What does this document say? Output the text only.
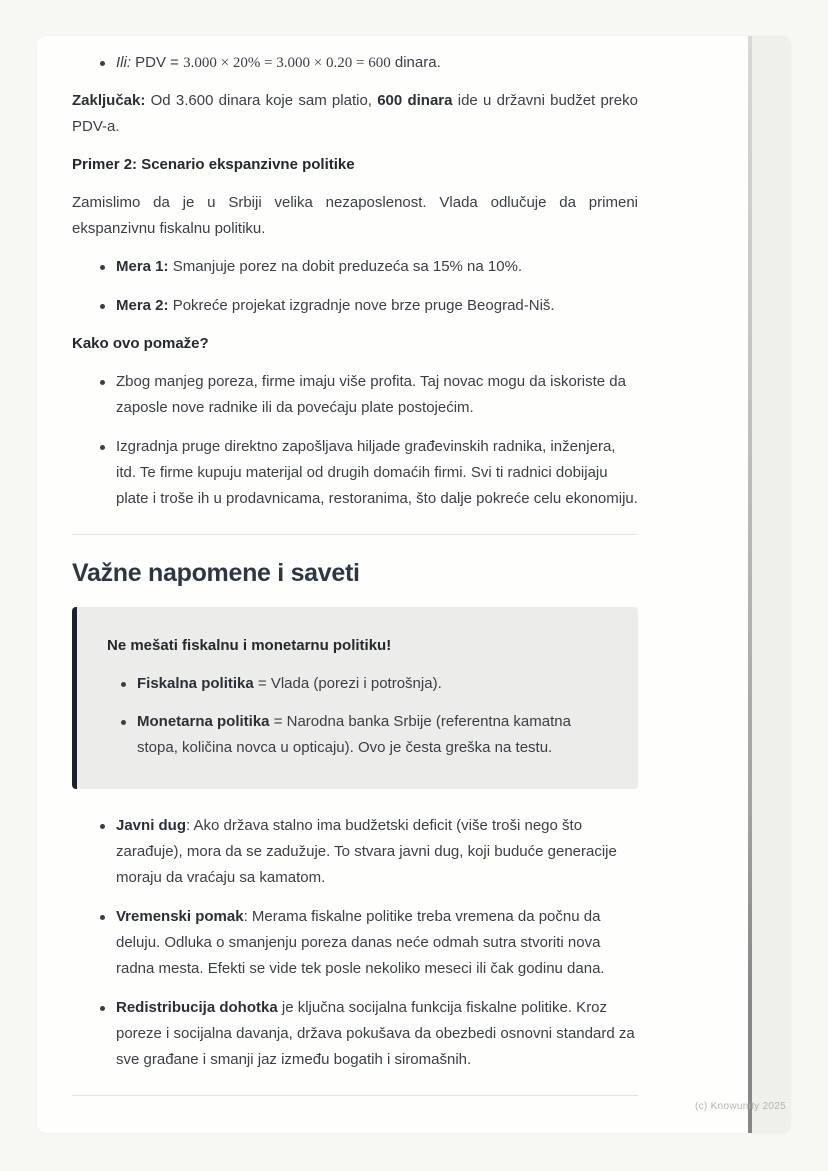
Ili: PDV = 3.000 × 20% = 3.000 × 0.20 = 600 dinara.

Zaključak: Od 3.600 dinara koje sam platio, 600 dinara ide u državni budžet preko PDV-a.

Primer 2: Scenario ekspanzivne politike

Zamislimo da je u Srbiji velika nezaposlenost. Vlada odlučuje da primeni ekspanzivnu fiskalnu politiku.

Mera 1: Smanjuje porez na dobit preduzeća sa 15% na 10%.
Mera 2: Pokreće projekat izgradnje nove brze pruge Beograd-Niš.

Kako ovo pomaže?

Zbog manjeg poreza, firme imaju više profita. Taj novac mogu da iskoriste da zaposle nove radnike ili da povećaju plate postojećim.
Izgradnja pruge direktno zapošljava hiljade građevinskih radnika, inženjera, itd. Te firme kupuju materijal od drugih domaćih firmi. Svi ti radnici dobijaju plate i troše ih u prodavnicama, restoranima, što dalje pokreće celu ekonomiju.
Važne napomene i saveti

Ne mešati fiskalnu i monetarnu politiku!

Fiskalna politika = Vlada (porezi i potrošnja).
Monetarna politika = Narodna banka Srbije (referentna kamatna stopa, količina novca u opticaju). Ovo je česta greška na testu.
Javni dug: Ako država stalno ima budžetski deficit (više troši nego što zarađuje), mora da se zadužuje. To stvara javni dug, koji buduće generacije moraju da vraćaju sa kamatom.
Vremenski pomak: Merama fiskalne politike treba vremena da počnu da deluju. Odluka o smanjenju poreza danas neće odmah sutra stvoriti nova radna mesta. Efekti se vide tek posle nekoliko meseci ili čak godinu dana.
Redistribucija dohotka je ključna socijalna funkcija fiskalne politike. Kroz poreze i socijalna davanja, država pokušava da obezbedi osnovni standard za sve građane i smanji jaz između bogatih i siromašnih.
(c) Knowunity 2025
